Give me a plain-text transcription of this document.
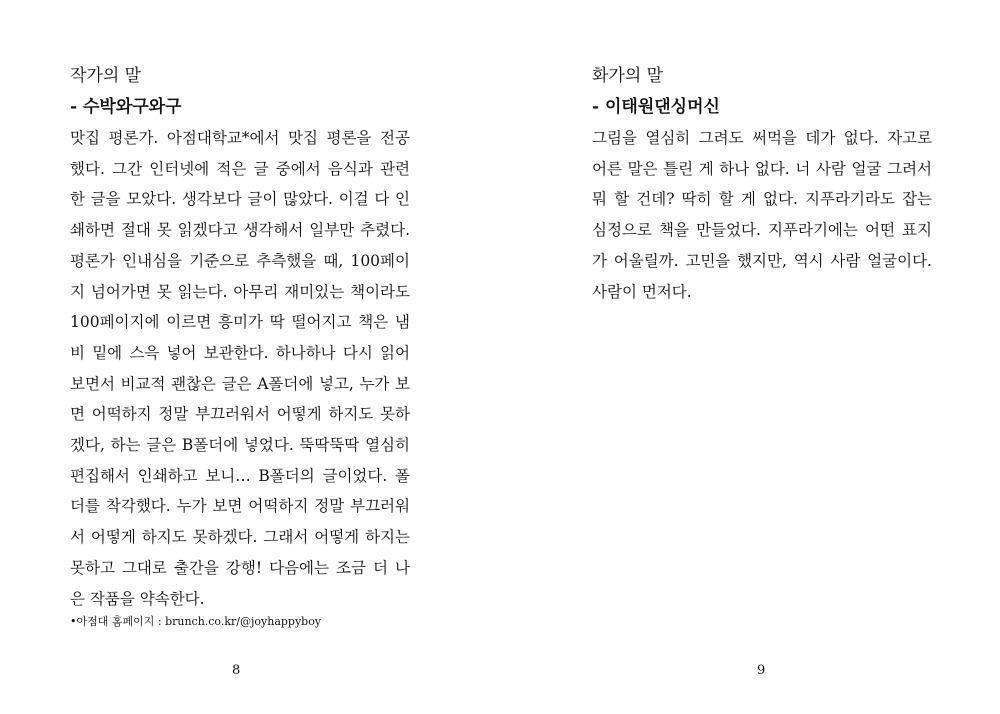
작가의 말
- 수박와구와구
맛집 평론가. 아점대학교*에서 맛집 평론을 전공
했다. 그간 인터넷에 적은 글 중에서 음식과 관련
한 글을 모았다. 생각보다 글이 많았다. 이걸 다 인
쇄하면 절대 못 읽겠다고 생각해서 일부만 추렸다.
평론가 인내심을 기준으로 추측했을 때, 100페이
지 넘어가면 못 읽는다. 아무리 재미있는 책이라도
100페이지에 이르면 흥미가 딱 떨어지고 책은 냄
비 밑에 스윽 넣어 보관한다. 하나하나 다시 읽어
보면서 비교적 괜찮은 글은 A폴더에 넣고, 누가 보
면 어떡하지 정말 부끄러워서 어떻게 하지도 못하
겠다, 하는 글은 B폴더에 넣었다. 뚝딱뚝딱 열심히
편집해서 인쇄하고 보니… B폴더의 글이었다. 폴
더를 착각했다. 누가 보면 어떡하지 정말 부끄러워
서 어떻게 하지도 못하겠다. 그래서 어떻게 하지는
못하고 그대로 출간을 강행! 다음에는 조금 더 나
은 작품을 약속한다.
•아점대 홈페이지 : brunch.co.kr/@joyhappyboy
8
화가의 말
- 이태원댄싱머신
그림을 열심히 그려도 써먹을 데가 없다. 자고로
어른 말은 틀린 게 하나 없다. 너 사람 얼굴 그려서
뭐 할 건데? 딱히 할 게 없다. 지푸라기라도 잡는
심정으로 책을 만들었다. 지푸라기에는 어떤 표지
가 어울릴까. 고민을 했지만, 역시 사람 얼굴이다.
사람이 먼저다.
9
